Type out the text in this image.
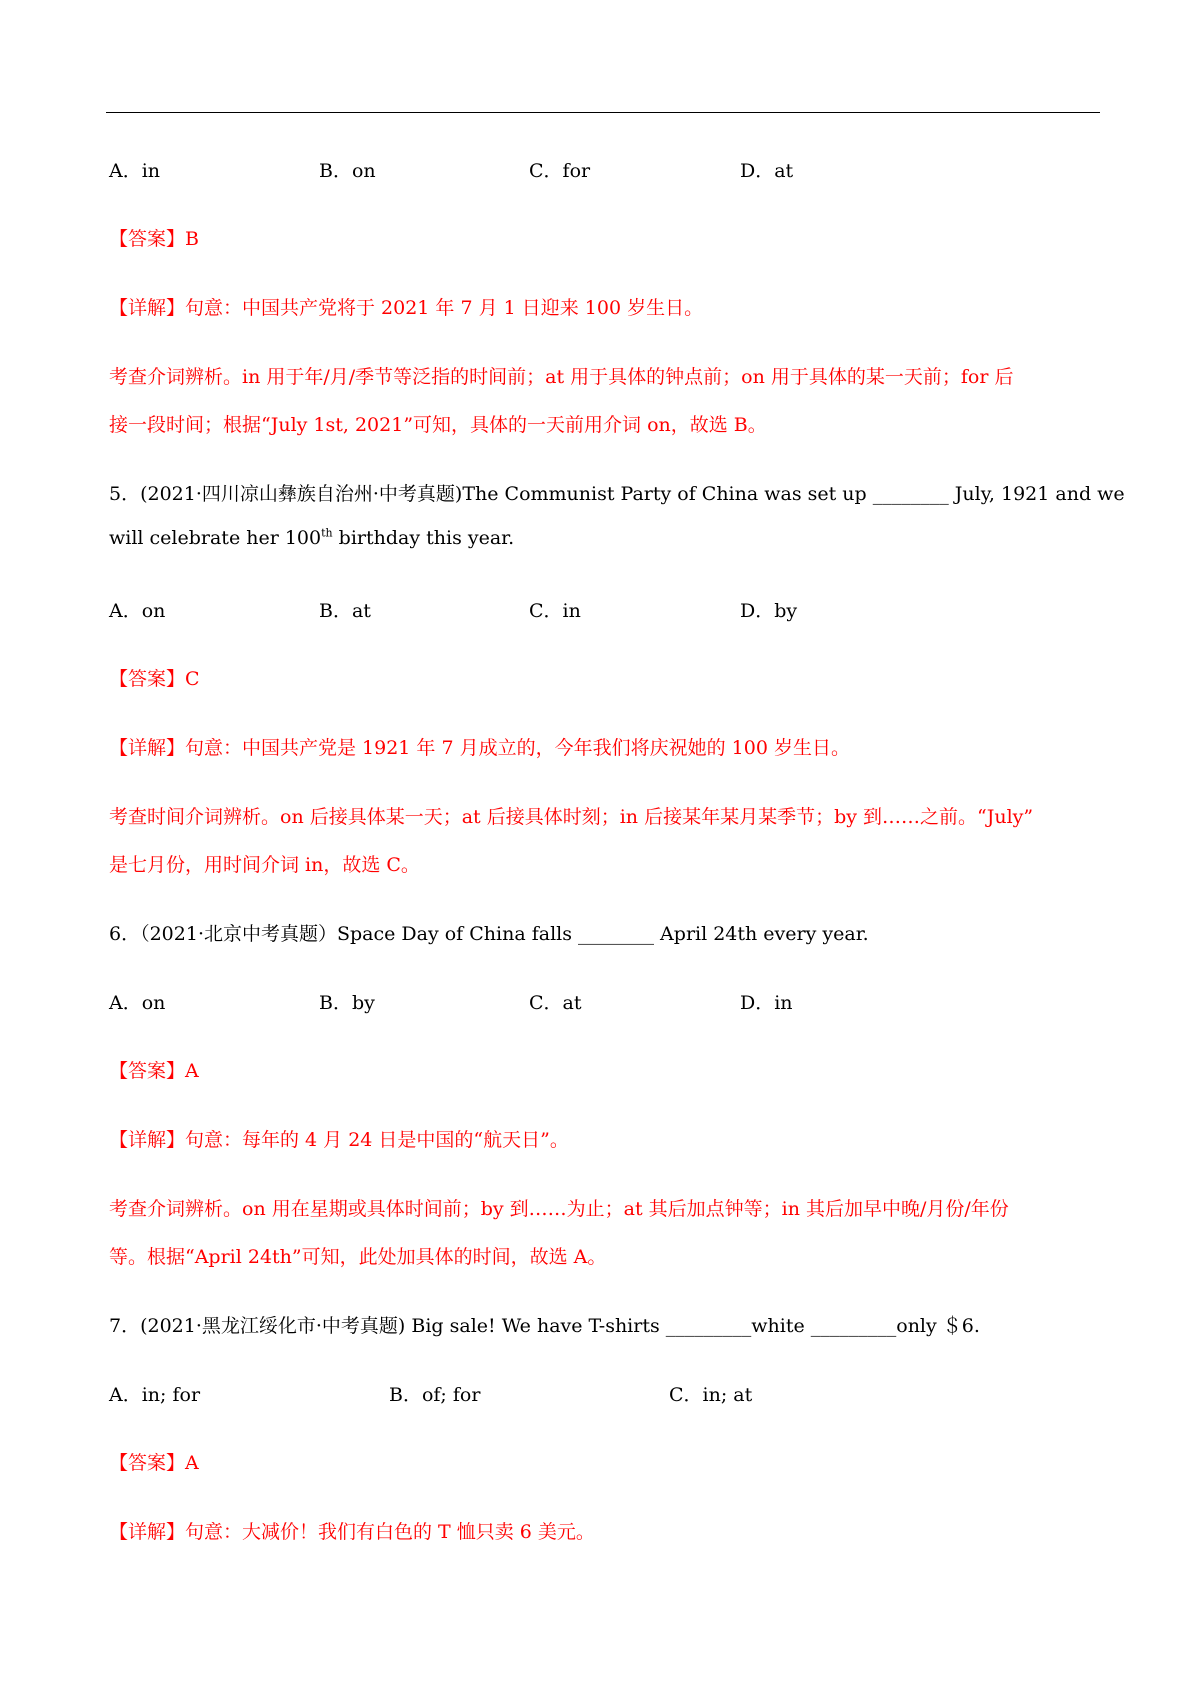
A．in	B．on	C．for	D．at
【答案】B
【详解】句意：中国共产党将于 2021 年 7 月 1 日迎来 100 岁生日。
考查介词辨析。in 用于年/月/季节等泛指的时间前；at 用于具体的钟点前；on 用于具体的某一天前；for 后
接一段时间；根据“July 1st, 2021”可知，具体的一天前用介词 on，故选 B。
5．(2021·四川凉山彝族自治州·中考真题)The Communist Party of China was set up ________ July, 1921 and we
will celebrate her 100th birthday this year.
A．on	B．at	C．in	D．by
【答案】C
【详解】句意：中国共产党是 1921 年 7 月成立的，今年我们将庆祝她的 100 岁生日。
考查时间介词辨析。on 后接具体某一天；at 后接具体时刻；in 后接某年某月某季节；by 到……之前。“July”
是七月份，用时间介词 in，故选 C。
6．（2021·北京中考真题）Space Day of China falls ________ April 24th every year.
A．on	B．by	C．at	D．in
【答案】A
【详解】句意：每年的 4 月 24 日是中国的“航天日”。
考查介词辨析。on 用在星期或具体时间前；by 到……为止；at 其后加点钟等；in 其后加早中晚/月份/年份
等。根据“April 24th”可知，此处加具体的时间，故选 A。
7．(2021·黑龙江绥化市·中考真题) Big sale! We have T-shirts _________white _________only ＄6.
A．in; for	B．of; for	C．in; at
【答案】A
【详解】句意：大减价！我们有白色的 T 恤只卖 6 美元。
